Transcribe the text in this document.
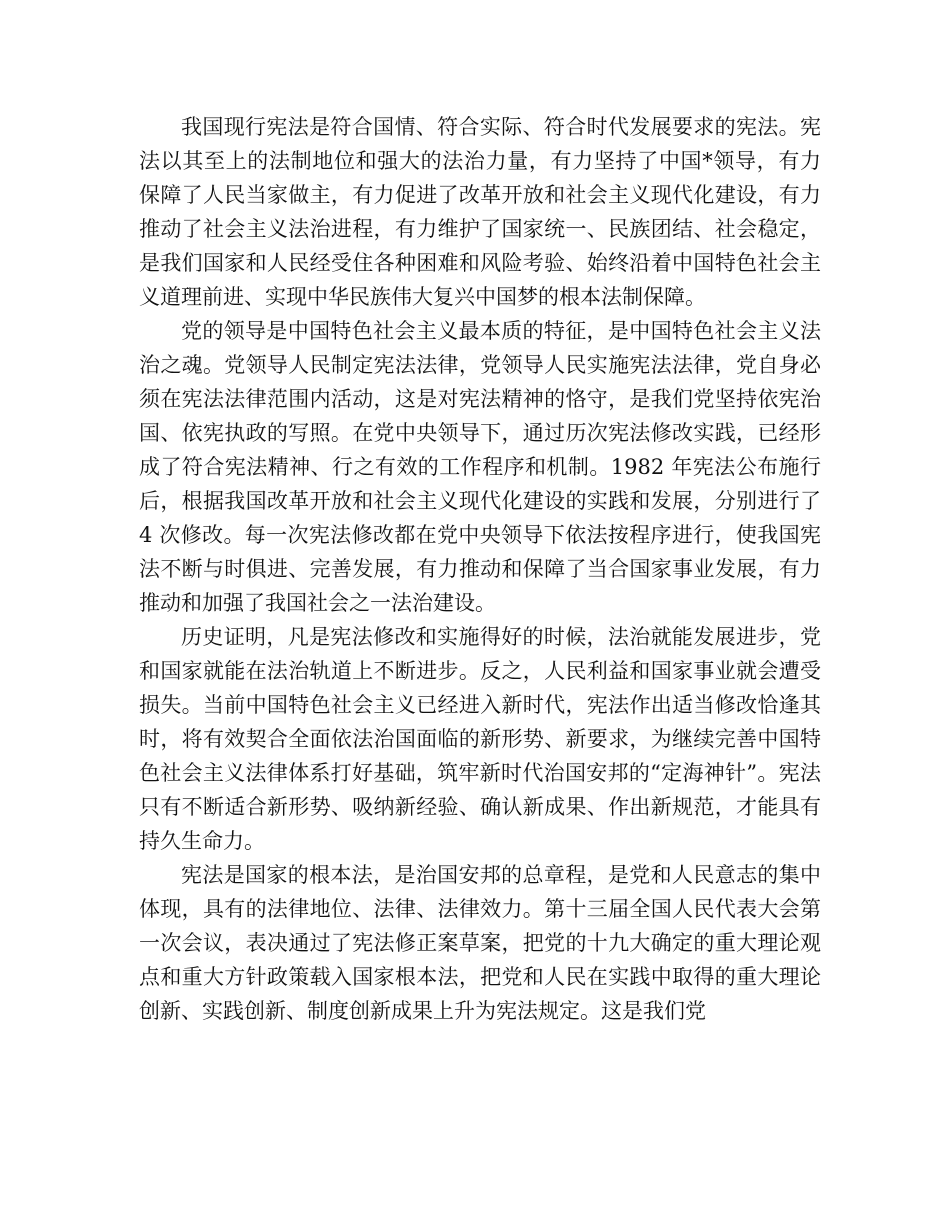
我国现行宪法是符合国情、符合实际、符合时代发展要求的宪法。宪法以其至上的法制地位和强大的法治力量，有力坚持了中国*领导，有力保障了人民当家做主，有力促进了改革开放和社会主义现代化建设，有力推动了社会主义法治进程，有力维护了国家统一、民族团结、社会稳定，是我们国家和人民经受住各种困难和风险考验、始终沿着中国特色社会主义道理前进、实现中华民族伟大复兴中国梦的根本法制保障。

党的领导是中国特色社会主义最本质的特征，是中国特色社会主义法治之魂。党领导人民制定宪法法律，党领导人民实施宪法法律，党自身必须在宪法法律范围内活动，这是对宪法精神的恪守，是我们党坚持依宪治国、依宪执政的写照。在党中央领导下，通过历次宪法修改实践，已经形成了符合宪法精神、行之有效的工作程序和机制。1982 年宪法公布施行后，根据我国改革开放和社会主义现代化建设的实践和发展，分别进行了 4 次修改。每一次宪法修改都在党中央领导下依法按程序进行，使我国宪法不断与时俱进、完善发展，有力推动和保障了当合国家事业发展，有力推动和加强了我国社会之一法治建设。

历史证明，凡是宪法修改和实施得好的时候，法治就能发展进步，党和国家就能在法治轨道上不断进步。反之，人民利益和国家事业就会遭受损失。当前中国特色社会主义已经进入新时代，宪法作出适当修改恰逢其时，将有效契合全面依法治国面临的新形势、新要求，为继续完善中国特色社会主义法律体系打好基础，筑牢新时代治国安邦的“定海神针”。宪法只有不断适合新形势、吸纳新经验、确认新成果、作出新规范，才能具有持久生命力。

宪法是国家的根本法，是治国安邦的总章程，是党和人民意志的集中体现，具有的法律地位、法律、法律效力。第十三届全国人民代表大会第一次会议，表决通过了宪法修正案草案，把党的十九大确定的重大理论观点和重大方针政策载入国家根本法，把党和人民在实践中取得的重大理论创新、实践创新、制度创新成果上升为宪法规定。这是我们党
